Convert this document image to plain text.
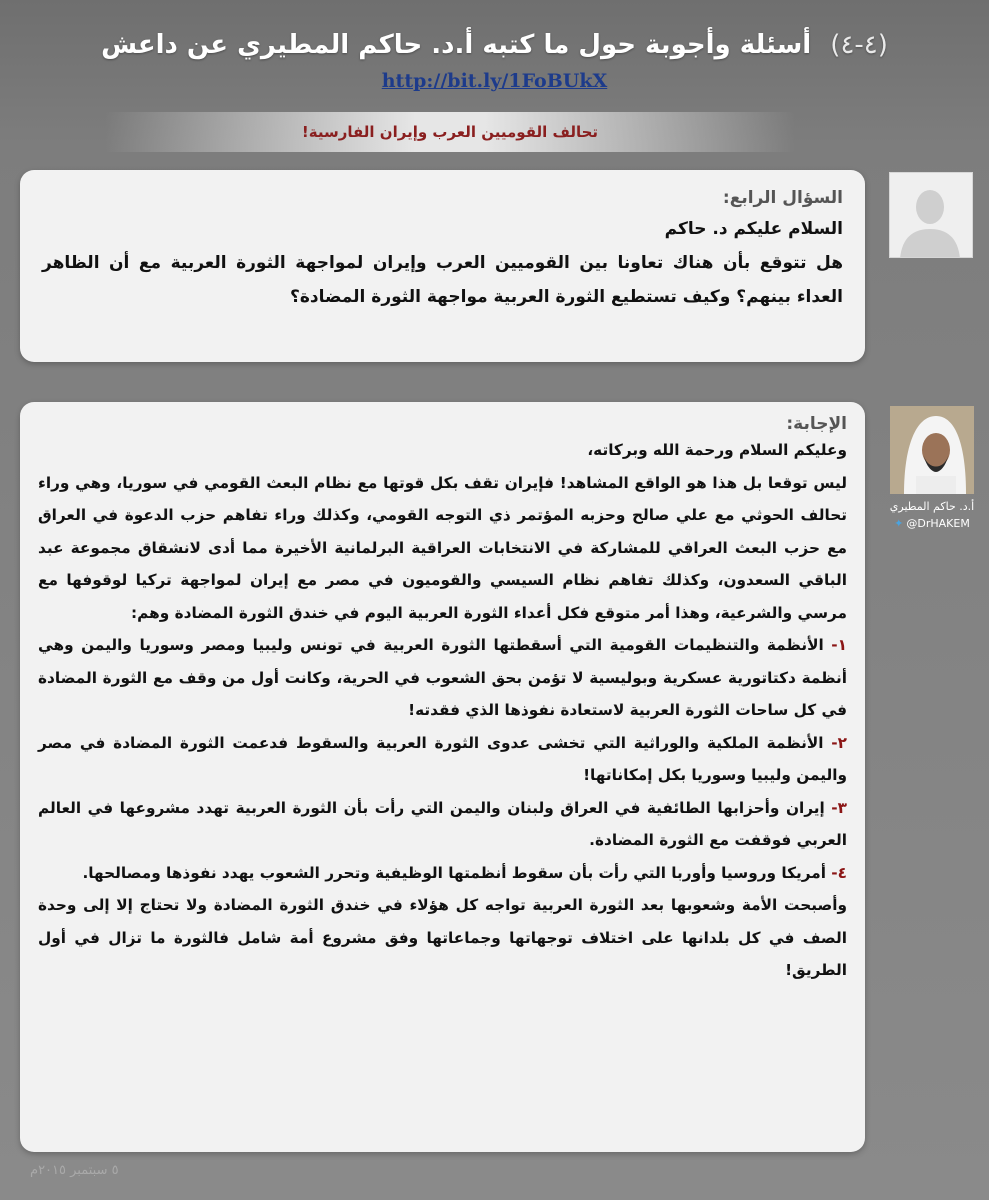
(٤-٤) أسئلة وأجوبة حول ما كتبه أ.د. حاكم المطيري عن داعش
http://bit.ly/1FoBUkX
تحالف القوميين العرب وإيران الفارسية!
السؤال الرابع:
السلام عليكم د. حاكم
هل تتوقع بأن هناك تعاونا بين القوميين العرب وإيران لمواجهة الثورة العربية مع أن الظاهر العداء بينهم؟ وكيف تستطيع الثورة العربية مواجهة الثورة المضادة؟
الإجابة:

وعليكم السلام ورحمة الله وبركاته،

ليس توقعا بل هذا هو الواقع المشاهد! فإيران تقف بكل قوتها مع نظام البعث القومي في سوريا، وهي وراء تحالف الحوثي مع علي صالح وحزبه المؤتمر ذي التوجه القومي، وكذلك وراء تفاهم حزب الدعوة في العراق مع حزب البعث العراقي للمشاركة في الانتخابات العراقية البرلمانية الأخيرة مما أدى لانشقاق مجموعة عبد الباقي السعدون، وكذلك تفاهم نظام السيسي والقوميون في مصر مع إيران لمواجهة تركيا لوقوفها مع مرسي والشرعية، وهذا أمر متوقع فكل أعداء الثورة العربية اليوم في خندق الثورة المضادة وهم:

١- الأنظمة والتنظيمات القومية التي أسقطتها الثورة العربية في تونس وليبيا ومصر وسوريا واليمن وهي أنظمة دكتاتورية عسكرية وبوليسية لا تؤمن بحق الشعوب في الحرية، وكانت أول من وقف مع الثورة المضادة في كل ساحات الثورة العربية لاستعادة نفوذها الذي فقدته!

٢- الأنظمة الملكية والوراثية التي تخشى عدوى الثورة العربية والسقوط فدعمت الثورة المضادة في مصر واليمن وليبيا وسوريا بكل إمكاناتها!

٣- إيران وأحزابها الطائفية في العراق ولبنان واليمن التي رأت بأن الثورة العربية تهدد مشروعها في العالم العربي فوقفت مع الثورة المضادة.

٤- أمريكا وروسيا وأوربا التي رأت بأن سقوط أنظمتها الوظيفية وتحرر الشعوب يهدد نفوذها ومصالحها.

وأصبحت الأمة وشعوبها بعد الثورة العربية تواجه كل هؤلاء في خندق الثورة المضادة ولا تحتاج إلا إلى وحدة الصف في كل بلدانها على اختلاف توجهاتها وجماعاتها وفق مشروع أمة شامل فالثورة ما تزال في أول الطريق!

أ.د. حاكم المطيري
✦ @DrHAKEM
٥ سبتمبر ٢٠١٥م
